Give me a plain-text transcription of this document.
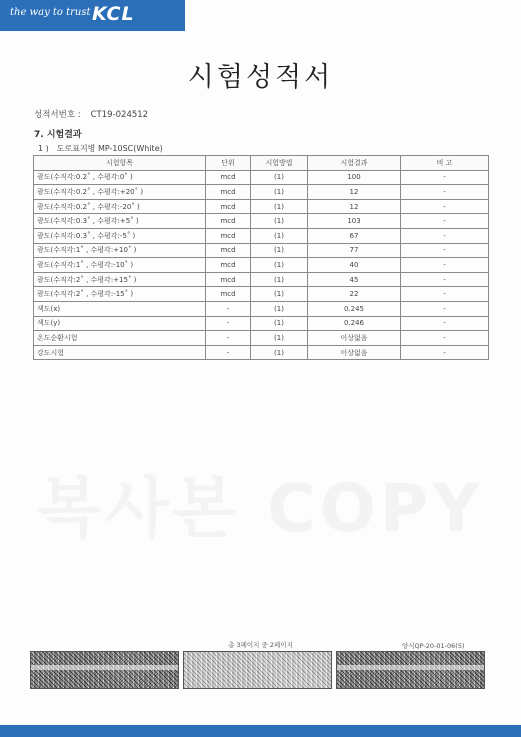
the way to trust KCL
시험성적서
성적서번호 : CT19-024512
7. 시험결과
1 ) 도로표지병 MP-10SC(White)
복사본 COPY
시험항목	단위	시험방법	시험결과	비 고
광도(수직각:0.2˚ , 수평각:0˚ )	mcd	(1)	100	-
광도(수직각:0.2˚ , 수평각:+20˚ )	mcd	(1)	12	-
광도(수직각:0.2˚ , 수평각:-20˚ )	mcd	(1)	12	-
광도(수직각:0.3˚ , 수평각:+5˚ )	mcd	(1)	103	-
광도(수직각:0.3˚ , 수평각:-5˚ )	mcd	(1)	67	-
광도(수직각:1˚ , 수평각:+10˚ )	mcd	(1)	77	-
광도(수직각:1˚ , 수평각:-10˚ )	mcd	(1)	40	-
광도(수직각:2˚ , 수평각:+15˚ )	mcd	(1)	45	-
광도(수직각:2˚ , 수평각:-15˚ )	mcd	(1)	22	-
색도(x)	-	(1)	0.245	-
색도(y)	-	(1)	0.246	-
온도순환시험	-	(1)	이상없음	-
강도시험	-	(1)	이상없음	-
총 3페이지 중 2페이지	양식QP-20-01-06(5)
